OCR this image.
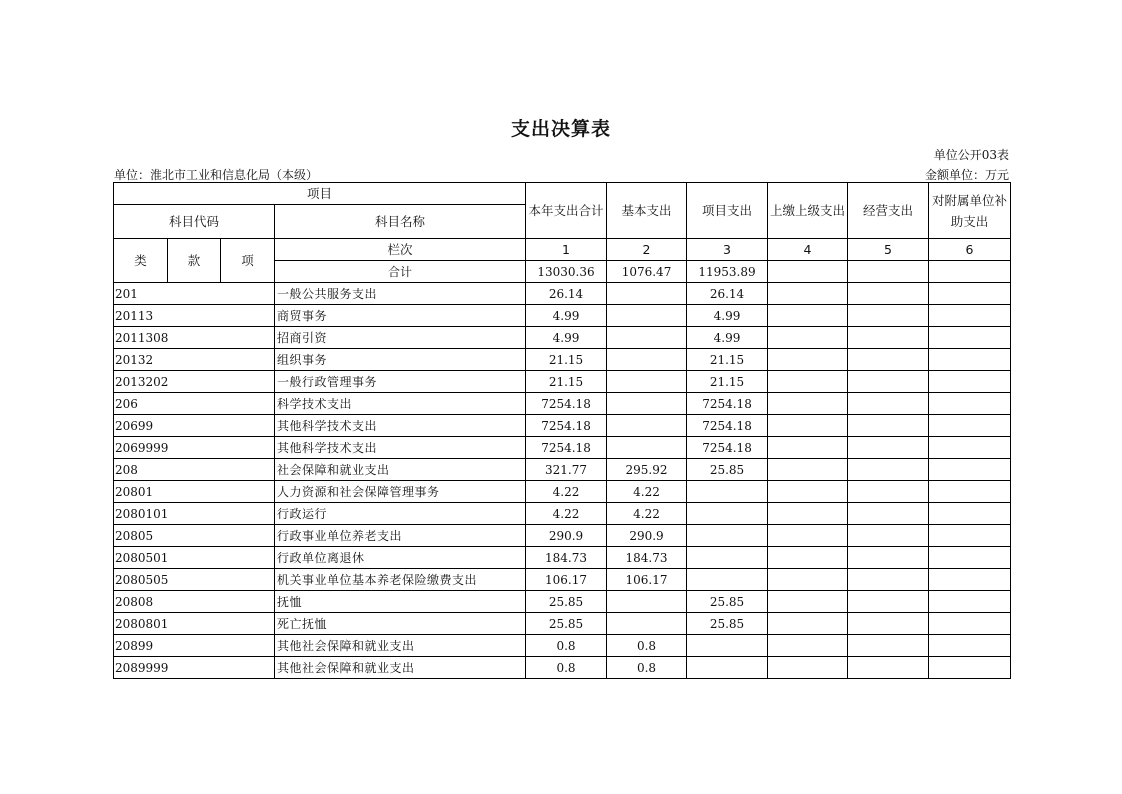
支出决算表
单位公开03表
单位：淮北市工业和信息化局（本级）	金额单位：万元
项目				本年支出合计	基本支出	项目支出	上缴上级支出	经营支出	对附属单位补助支出
科目代码			科目名称						
类	款	项	栏次	1	2	3	4	5	6
			合计	13030.36	1076.47	11953.89			
201			一般公共服务支出	26.14		26.14			
20113			商贸事务	4.99		4.99			
2011308			招商引资	4.99		4.99			
20132			组织事务	21.15		21.15			
2013202			一般行政管理事务	21.15		21.15			
206			科学技术支出	7254.18		7254.18			
20699			其他科学技术支出	7254.18		7254.18			
2069999			其他科学技术支出	7254.18		7254.18			
208			社会保障和就业支出	321.77	295.92	25.85			
20801			人力资源和社会保障管理事务	4.22	4.22				
2080101			行政运行	4.22	4.22				
20805			行政事业单位养老支出	290.9	290.9				
2080501			行政单位离退休	184.73	184.73				
2080505			机关事业单位基本养老保险缴费支出	106.17	106.17				
20808			抚恤	25.85		25.85			
2080801			死亡抚恤	25.85		25.85			
20899			其他社会保障和就业支出	0.8	0.8				
2089999			其他社会保障和就业支出	0.8	0.8				
